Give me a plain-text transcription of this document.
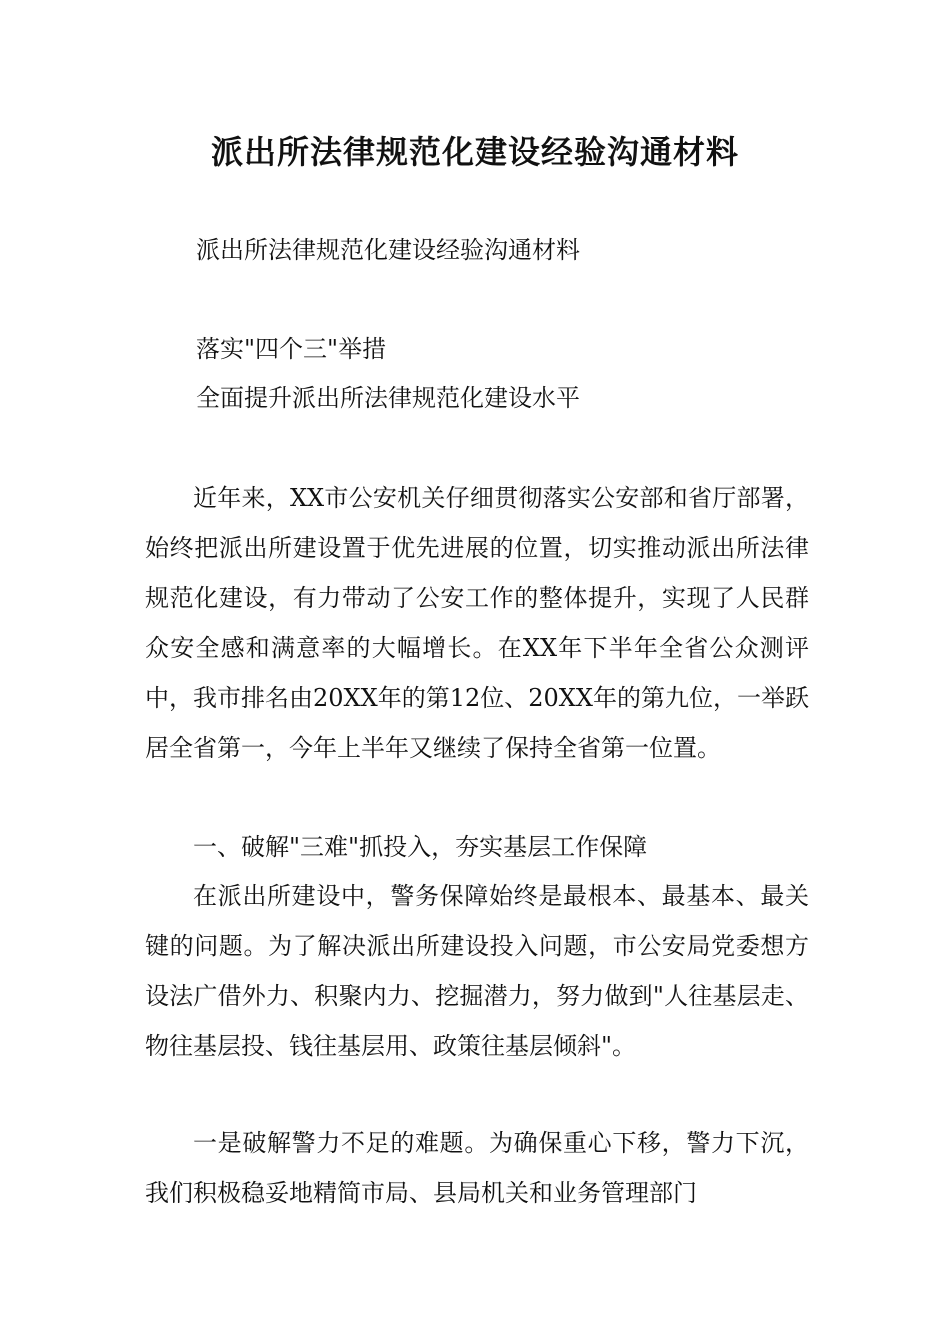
派出所法律规范化建设经验沟通材料

派出所法律规范化建设经验沟通材料

落实"四个三"举措

全面提升派出所法律规范化建设水平

近年来，XX市公安机关仔细贯彻落实公安部和省厅部署，始终把派出所建设置于优先进展的位置，切实推动派出所法律规范化建设，有力带动了公安工作的整体提升，实现了人民群众安全感和满意率的大幅增长。在XX年下半年全省公众测评中，我市排名由20XX年的第12位、20XX年的第九位，一举跃居全省第一，今年上半年又继续了保持全省第一位置。

一、破解"三难"抓投入，夯实基层工作保障

在派出所建设中，警务保障始终是最根本、最基本、最关键的问题。为了解决派出所建设投入问题，市公安局党委想方设法广借外力、积聚内力、挖掘潜力，努力做到"人往基层走、物往基层投、钱往基层用、政策往基层倾斜"。

一是破解警力不足的难题。为确保重心下移，警力下沉，我们积极稳妥地精简市局、县局机关和业务管理部门
